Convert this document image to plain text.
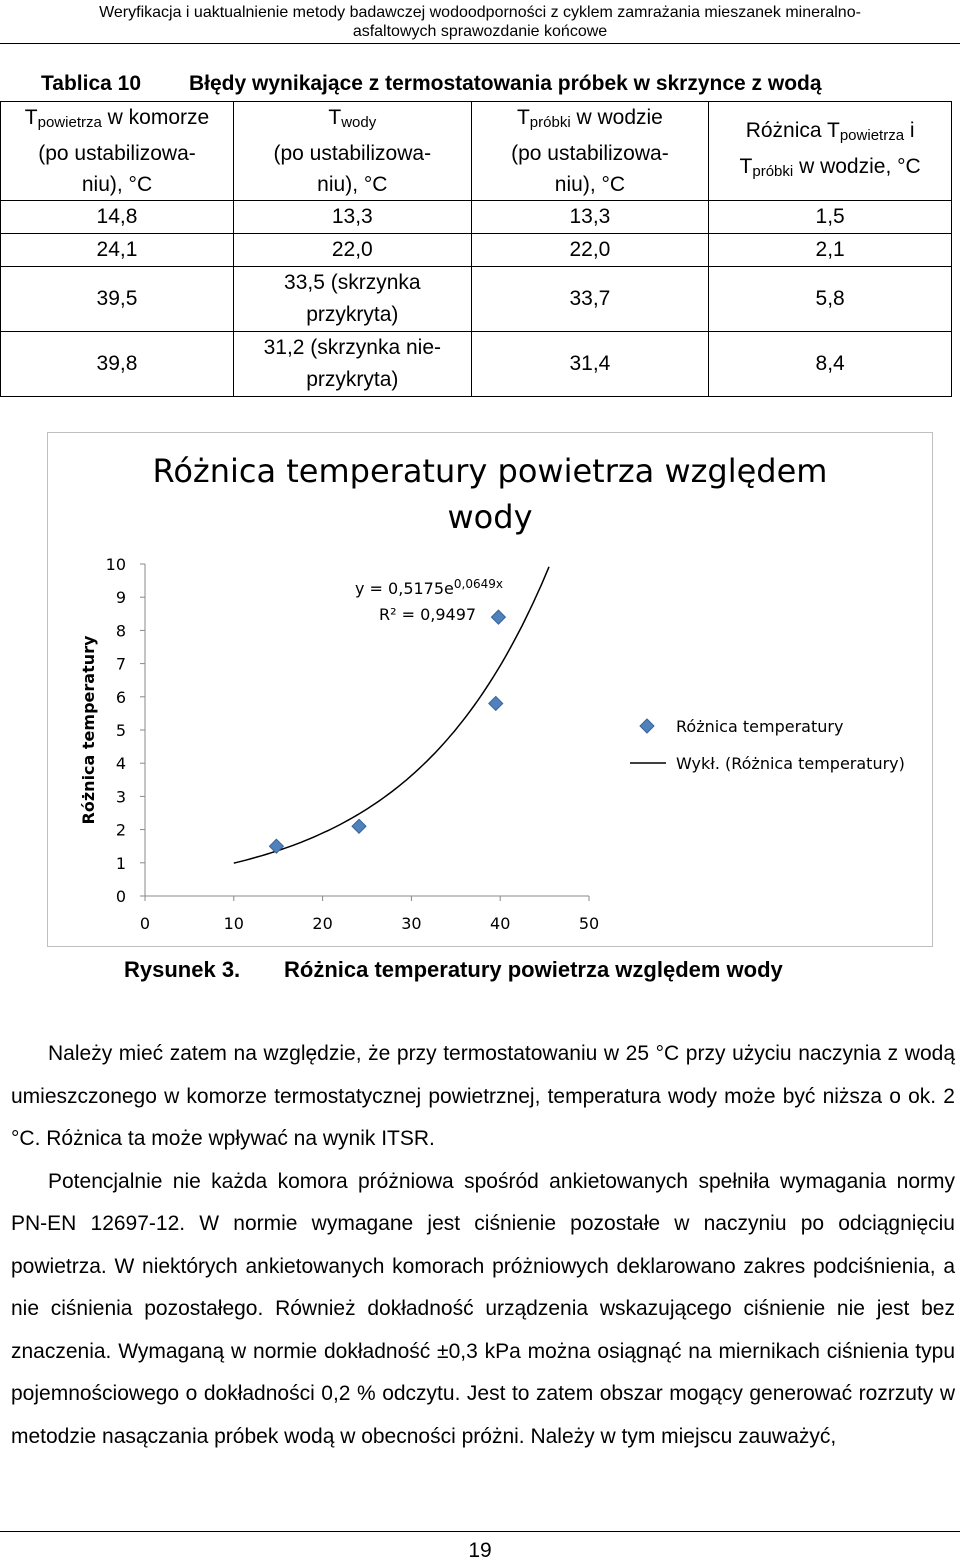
Weryfikacja i uaktualnienie metody badawczej wodoodporności z cyklem zamrażania mieszanek mineralno-
asfaltowych sprawozdanie końcowe
Tablica 10 Błędy wynikające z termostatowania próbek w skrzynce z wodą
$T_{powietrza}$ w komorze
(po ustabilizowa-
niu), °C	$T_{wody}$
(po ustabilizowa-
niu), °C	$T_{próbki}$ w wodzie
(po ustabilizowa-
niu), °C	Różnica $T_{powietrza}$ i
$T_{próbki}$ w wodzie, °C
14,8	13,3	13,3	1,5
24,1	22,0	22,0	2,1
39,5	33,5 (skrzynka
przykryta)	33,7	5,8
39,8	31,2 (skrzynka nie-
przykryta)	31,4	8,4
Różnica temperatury powietrza względem
wody
0
1
2
3
4
5
6
7
8
9
10
0	10	20	30	40	50
Różnica temperatury
$y = 0,5175e^{0,0649x}$
R² = 0,9497
Różnica temperatury
Wykł. (Różnica temperatury)
Rysunek 3. Różnica temperatury powietrza względem wody

Należy mieć zatem na względzie, że przy termostatowaniu w 25 °C przy użyciu naczynia z wodą umieszczonego w komorze termostatycznej powietrznej, temperatura wody może być niższa o ok. 2 °C. Różnica ta może wpływać na wynik ITSR.

Potencjalnie nie każda komora próżniowa spośród ankietowanych spełniła wymagania normy PN-EN 12697-12. W normie wymagane jest ciśnienie pozostałe w naczyniu po odciągnięciu powietrza. W niektórych ankietowanych komorach próżniowych deklarowano zakres podciśnienia, a nie ciśnienia pozostałego. Również dokładność urządzenia wskazującego ciśnienie nie jest bez znaczenia. Wymaganą w normie dokładność ±0,3 kPa można osiągnąć na miernikach ciśnienia typu pojemnościowego o dokładności 0,2 % odczytu. Jest to zatem obszar mogący generować rozrzuty w metodzie nasączania próbek wodą w obecności próżni. Należy w tym miejscu zauważyć,

19
